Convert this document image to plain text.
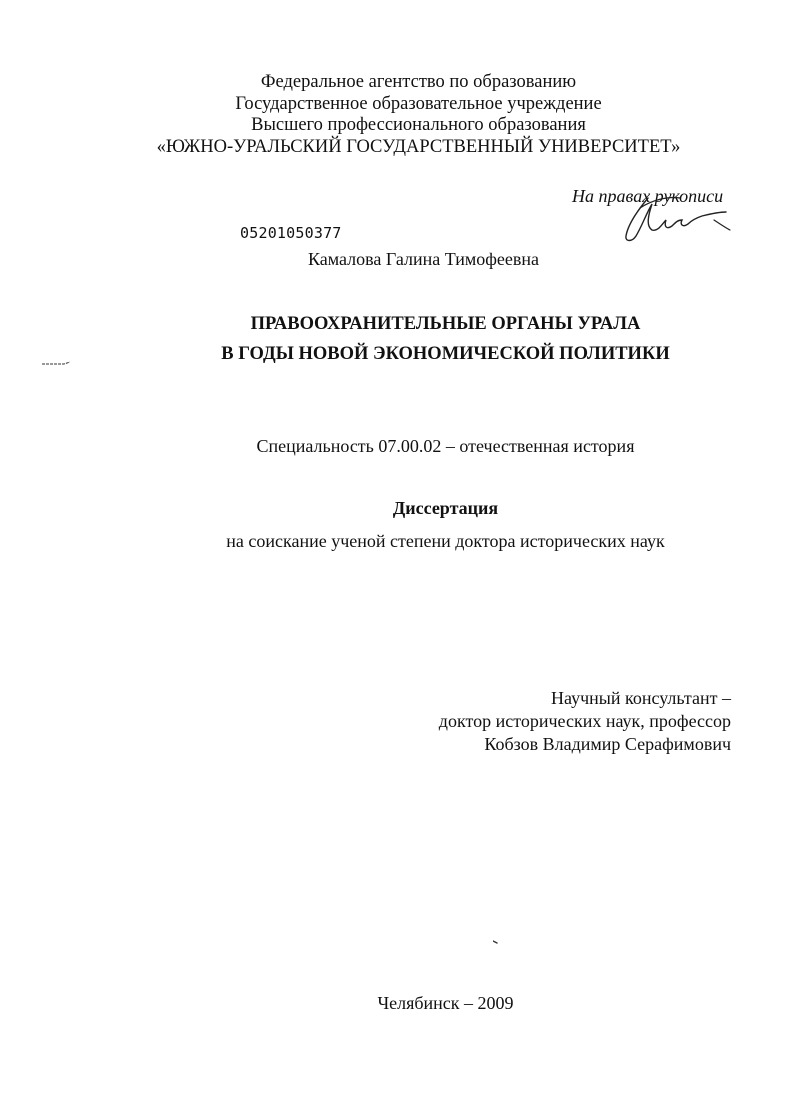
Федеральное агентство по образованию
Государственное образовательное учреждение
Высшего профессионального образования
«ЮЖНО-УРАЛЬСКИЙ ГОСУДАРСТВЕННЫЙ УНИВЕРСИТЕТ»
На правах рукописи
05201050377
Камалова Галина Тимофеевна
ПРАВООХРАНИТЕЛЬНЫЕ ОРГАНЫ УРАЛА
В ГОДЫ НОВОЙ ЭКОНОМИЧЕСКОЙ ПОЛИТИКИ
Специальность 07.00.02 – отечественная история
Диссертация
на соискание ученой степени доктора исторических наук
Научный консультант –
доктор исторических наук, профессор
Кобзов Владимир Серафимович
Челябинск – 2009
